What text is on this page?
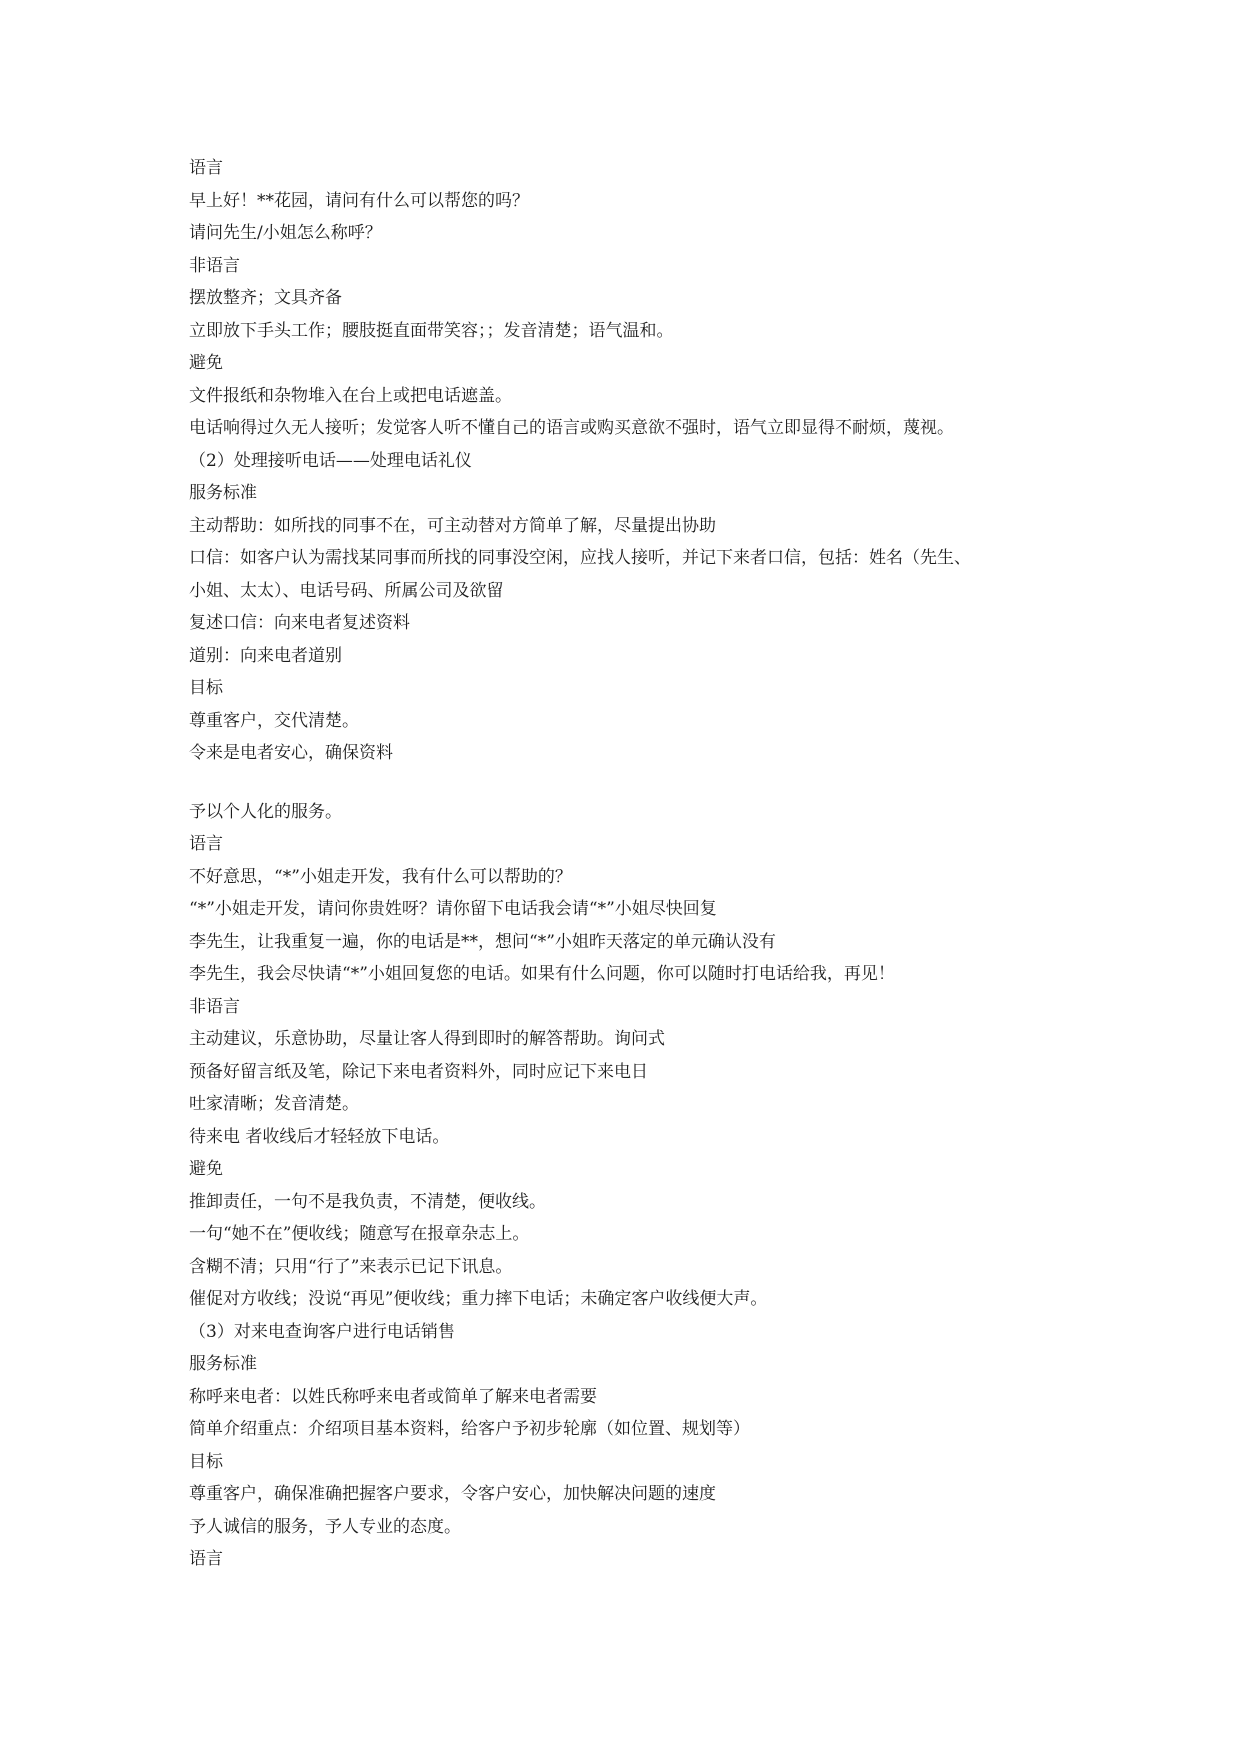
语言
早上好！**花园，请问有什么可以帮您的吗？
请问先生/小姐怎么称呼？
非语言
摆放整齐；文具齐备
立即放下手头工作；腰肢挺直面带笑容；；发音清楚；语气温和。
避免
文件报纸和杂物堆入在台上或把电话遮盖。
电话响得过久无人接听；发觉客人听不懂自己的语言或购买意欲不强时，语气立即显得不耐烦，蔑视。
（2）处理接听电话——处理电话礼仪
服务标准
主动帮助：如所找的同事不在，可主动替对方简单了解，尽量提出协助
口信：如客户认为需找某同事而所找的同事没空闲，应找人接听，并记下来者口信，包括：姓名（先生、
小姐、太太）、电话号码、所属公司及欲留
复述口信：向来电者复述资料
道别：向来电者道别
目标
尊重客户，交代清楚。
令来是电者安心，确保资料
予以个人化的服务。
语言
不好意思，“*”小姐走开发，我有什么可以帮助的？
“*”小姐走开发，请问你贵姓呀？请你留下电话我会请“*”小姐尽快回复
李先生，让我重复一遍，你的电话是**，想问“*”小姐昨天落定的单元确认没有
李先生，我会尽快请“*”小姐回复您的电话。如果有什么问题，你可以随时打电话给我，再见！
非语言
主动建议，乐意协助，尽量让客人得到即时的解答帮助。询问式
预备好留言纸及笔，除记下来电者资料外，同时应记下来电日
吐家清晰；发音清楚。
待来电 者收线后才轻轻放下电话。
避免
推卸责任，一句不是我负责，不清楚，便收线。
一句“她不在”便收线；随意写在报章杂志上。
含糊不清；只用“行了”来表示已记下讯息。
催促对方收线；没说“再见”便收线；重力摔下电话；未确定客户收线便大声。
（3）对来电查询客户进行电话销售
服务标准
称呼来电者：以姓氏称呼来电者或简单了解来电者需要
简单介绍重点：介绍项目基本资料，给客户予初步轮廓（如位置、规划等）
目标
尊重客户，确保准确把握客户要求，令客户安心，加快解决问题的速度
予人诚信的服务，予人专业的态度。
语言
